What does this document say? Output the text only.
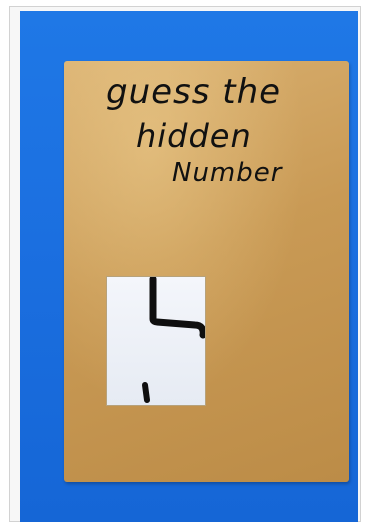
guess the
hidden
Number
